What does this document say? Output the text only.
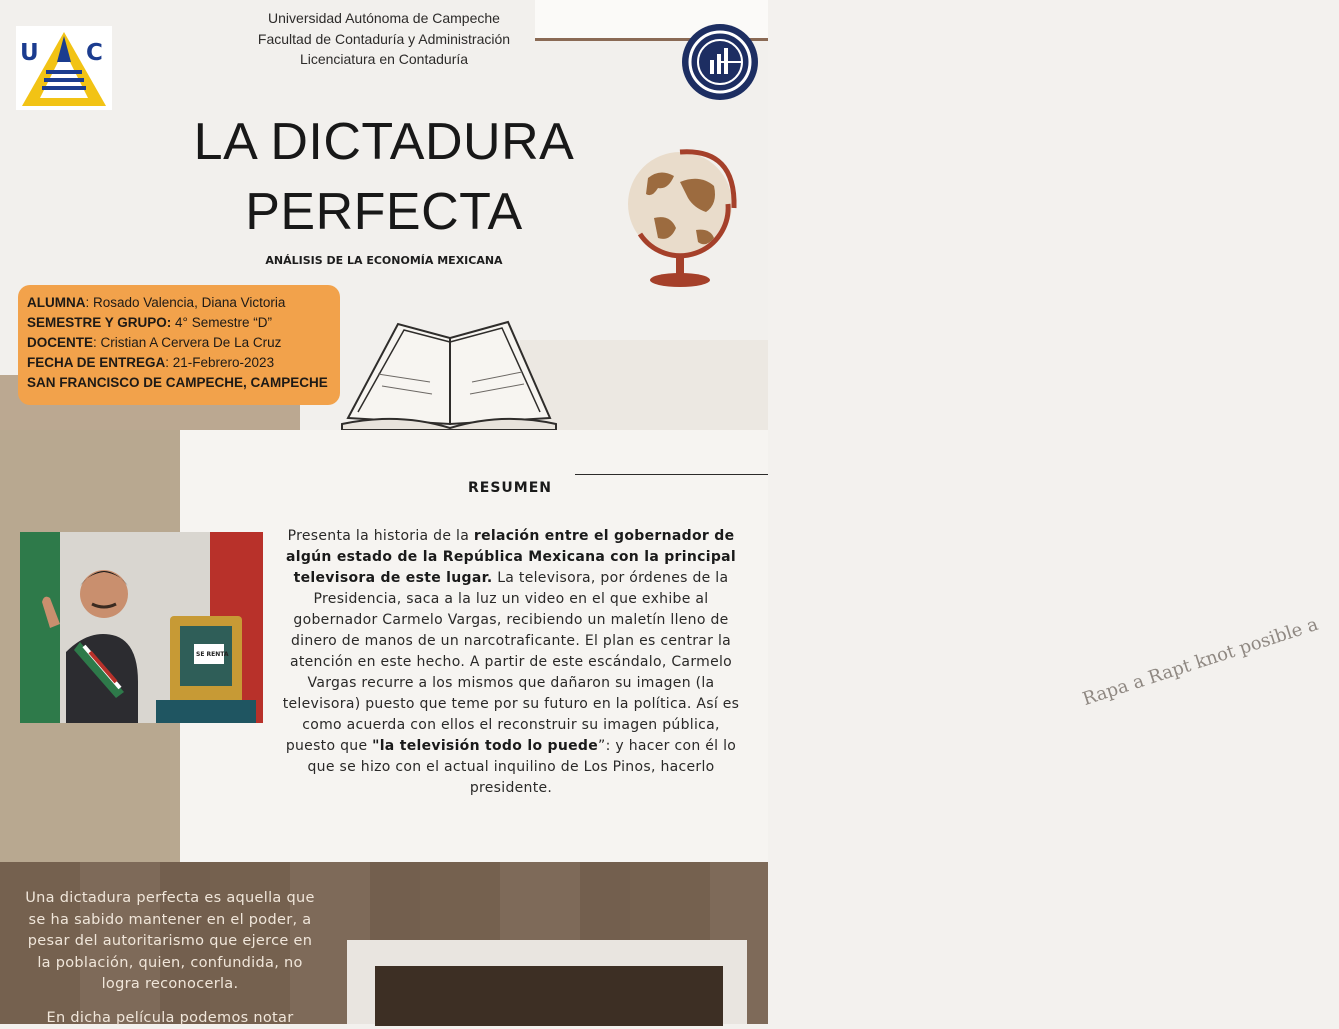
Rapa a Rapt knot posible a
U C
Universidad Autónoma de Campeche
Facultad de Contaduría y Administración
Licenciatura en Contaduría
LA DICTADURA
PERFECTA
ANÁLISIS DE LA ECONOMÍA MEXICANA
ALUMNA: Rosado Valencia, Diana Victoria
SEMESTRE Y GRUPO: 4° Semestre “D”
DOCENTE: Cristian A Cervera De La Cruz
FECHA DE ENTREGA: 21-Febrero-2023
SAN FRANCISCO DE CAMPECHE, CAMPECHE
RESUMEN
SE RENTA
Presenta la historia de la relación entre el gobernador de algún estado de la República Mexicana con la principal televisora de este lugar. La televisora, por órdenes de la Presidencia, saca a la luz un video en el que exhibe al gobernador Carmelo Vargas, recibiendo un maletín lleno de dinero de manos de un narcotraficante. El plan es centrar la atención en este hecho. A partir de este escándalo, Carmelo Vargas recurre a los mismos que dañaron su imagen (la televisora) puesto que teme por su futuro en la política. Así es como acuerda con ellos el reconstruir su imagen pública, puesto que "la televisión todo lo puede”: y hacer con él lo que se hizo con el actual inquilino de Los Pinos, hacerlo presidente.
Una dictadura perfecta es aquella que se ha sabido mantener en el poder, a pesar del autoritarismo que ejerce en la población, quien, confundida, no logra reconocerla.
En dicha película podemos notar
